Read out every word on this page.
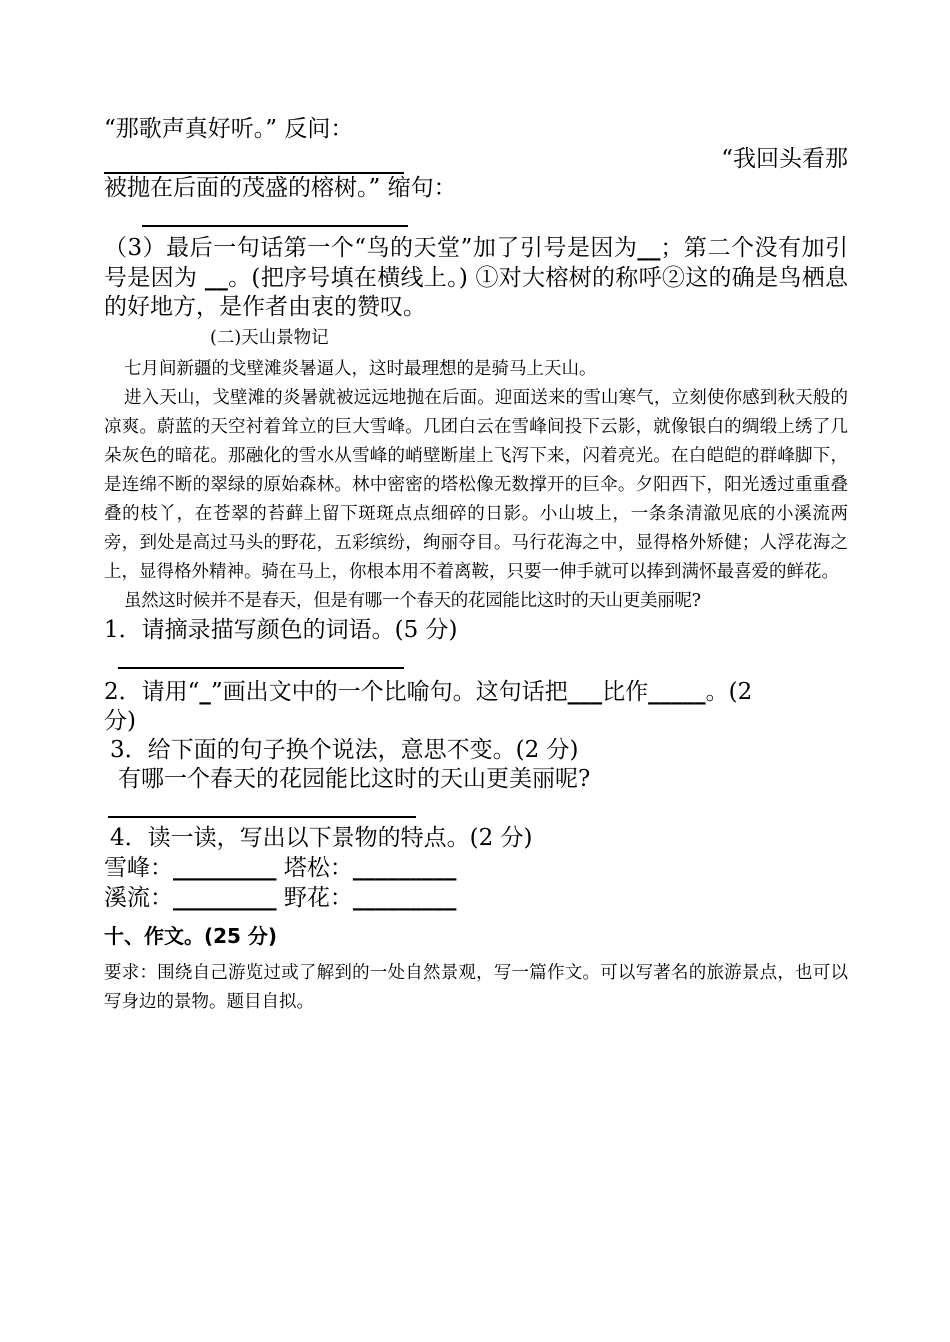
“那歌声真好听。” 反问：

“我回头看那

被抛在后面的茂盛的榕树。” 缩句：

（3）最后一句话第一个“鸟的天堂”加了引号是因为__；第二个没有加引号是因为 __。(把序号填在横线上。) ①对大榕树的称呼②这的确是鸟栖息的好地方，是作者由衷的赞叹。

(二)天山景物记

七月间新疆的戈壁滩炎暑逼人，这时最理想的是骑马上天山。

进入天山，戈壁滩的炎暑就被远远地抛在后面。迎面送来的雪山寒气，立刻使你感到秋天般的凉爽。蔚蓝的天空衬着耸立的巨大雪峰。几团白云在雪峰间投下云影，就像银白的绸缎上绣了几朵灰色的暗花。那融化的雪水从雪峰的峭壁断崖上飞泻下来，闪着亮光。在白皑皑的群峰脚下，是连绵不断的翠绿的原始森林。林中密密的塔松像无数撑开的巨伞。夕阳西下，阳光透过重重叠叠的枝丫，在苍翠的苔藓上留下斑斑点点细碎的日影。小山坡上，一条条清澈见底的小溪流两旁，到处是高过马头的野花，五彩缤纷，绚丽夺目。马行花海之中，显得格外矫健；人浮花海之上，显得格外精神。骑在马上，你根本用不着离鞍，只要一伸手就可以捧到满怀最喜爱的鲜花。

虽然这时候并不是春天，但是有哪一个春天的花园能比这时的天山更美丽呢?

1．请摘录描写颜色的词语。(5 分)

2．请用“_”画出文中的一个比喻句。这句话把___比作_____。(2
分)

3．给下面的句子换个说法，意思不变。(2 分)

有哪一个春天的花园能比这时的天山更美丽呢?

4．读一读，写出以下景物的特点。(2 分)

雪峰：_________ 塔松：_________

溪流：_________ 野花：_________

十、作文。(25 分)

要求：围绕自己游览过或了解到的一处自然景观，写一篇作文。可以写著名的旅游景点，也可以写身边的景物。题目自拟。
